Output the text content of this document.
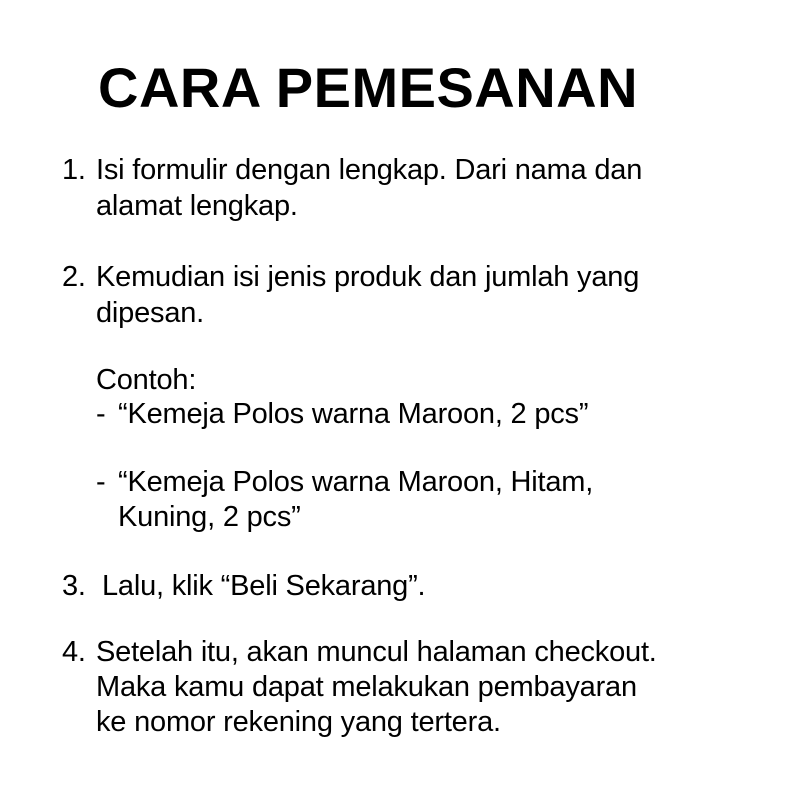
CARA PEMESANAN
1. Isi formulir dengan lengkap. Dari nama dan
alamat lengkap.
2. Kemudian isi jenis produk dan jumlah yang
dipesan.
Contoh:
- “Kemeja Polos warna Maroon, 2 pcs”
- “Kemeja Polos warna Maroon, Hitam,
Kuning, 2 pcs”
3. Lalu, klik “Beli Sekarang”.
4. Setelah itu, akan muncul halaman checkout.
Maka kamu dapat melakukan pembayaran
ke nomor rekening yang tertera.
